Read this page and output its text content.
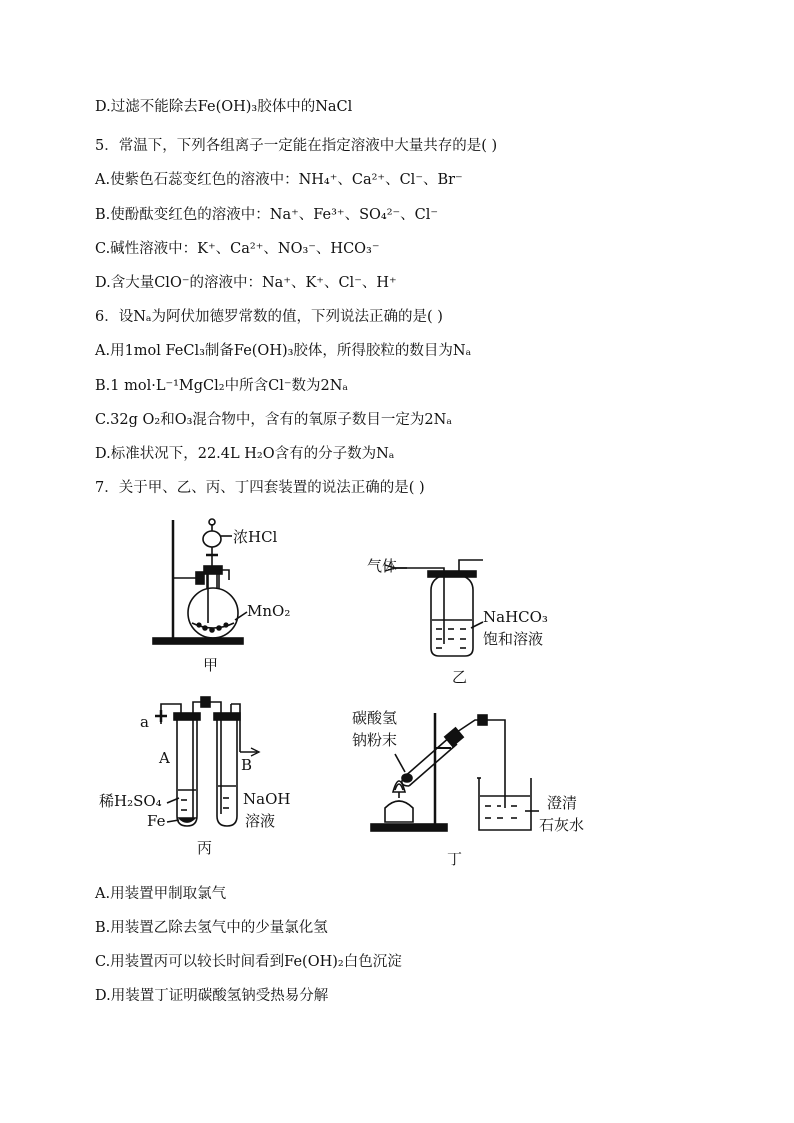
D.过滤不能除去Fe(OH)₃胶体中的NaCl
5．常温下，下列各组离子一定能在指定溶液中大量共存的是( )
A.使紫色石蕊变红色的溶液中：NH₄⁺、Ca²⁺、Cl⁻、Br⁻
B.使酚酞变红色的溶液中：Na⁺、Fe³⁺、SO₄²⁻、Cl⁻
C.碱性溶液中：K⁺、Ca²⁺、NO₃⁻、HCO₃⁻
D.含大量ClO⁻的溶液中：Na⁺、K⁺、Cl⁻、H⁺
6．设Nₐ为阿伏加德罗常数的值，下列说法正确的是( )
A.用1mol FeCl₃制备Fe(OH)₃胶体，所得胶粒的数目为Nₐ
B.1 mol·L⁻¹MgCl₂中所含Cl⁻数为2Nₐ
C.32g O₂和O₃混合物中，含有的氧原子数目一定为2Nₐ
D.标准状况下，22.4L H₂O含有的分子数为Nₐ
7．关于甲、乙、丙、丁四套装置的说法正确的是( )
浓HCl
MnO₂
甲
气体
NaHCO₃
饱和溶液
乙
a
A	B
稀H₂SO₄
Fe
NaOH
溶液
丙
碳酸氢
钠粉末
澄清
石灰水
丁
A.用装置甲制取氯气
B.用装置乙除去氢气中的少量氯化氢
C.用装置丙可以较长时间看到Fe(OH)₂白色沉淀
D.用装置丁证明碳酸氢钠受热易分解
